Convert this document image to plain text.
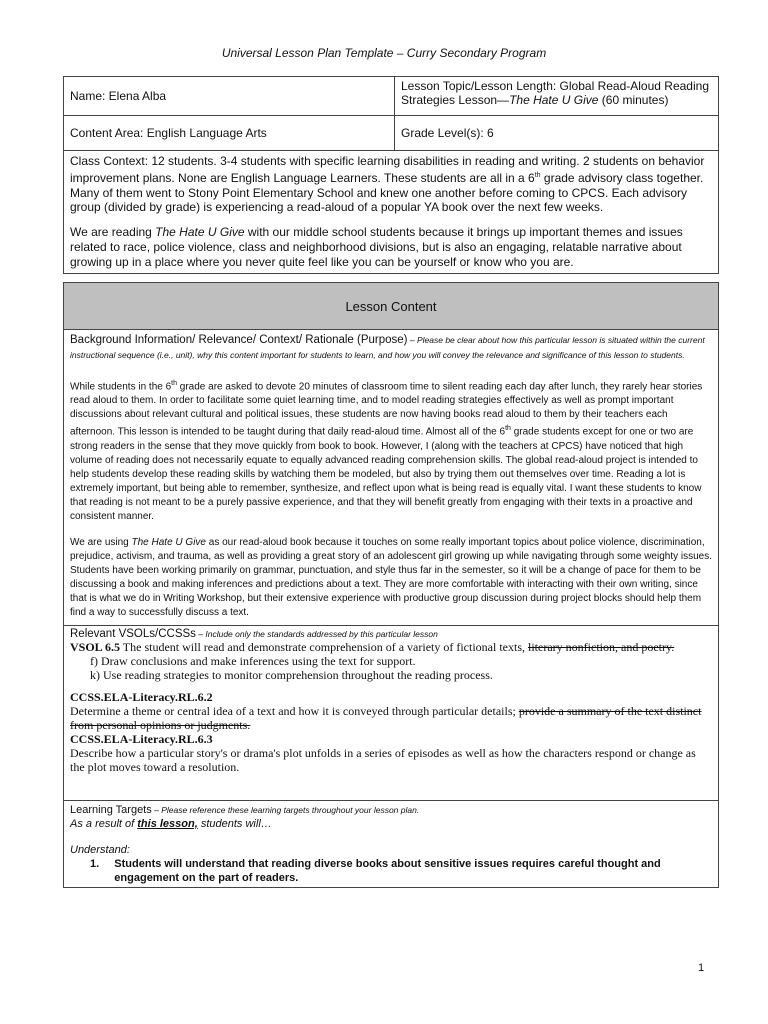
Universal Lesson Plan Template – Curry Secondary Program
Name: Elena Alba	Lesson Topic/Lesson Length: Global Read-Aloud Reading Strategies Lesson—The Hate U Give (60 minutes)
Content Area: English Language Arts	Grade Level(s): 6

Class Context: 12 students. 3-4 students with specific learning disabilities in reading and writing. 2 students on behavior improvement plans. None are English Language Learners. These students are all in a 6th grade advisory class together. Many of them went to Stony Point Elementary School and knew one another before coming to CPCS. Each advisory group (divided by grade) is experiencing a read-aloud of a popular YA book over the next few weeks.
We are reading The Hate U Give with our middle school students because it brings up important themes and issues related to race, police violence, class and neighborhood divisions, but is also an engaging, relatable narrative about growing up in a place where you never quite feel like you can be yourself or know who you are.	
Lesson Content

Background Information/ Relevance/ Context/ Rationale (Purpose) – Please be clear about how this particular lesson is situated within the current instructional sequence (i.e., unit), why this content important for students to learn, and how you will convey the relevance and significance of this lesson to students.

While students in the 6th grade are asked to devote 20 minutes of classroom time to silent reading each day after lunch, they rarely hear stories read aloud to them. In order to facilitate some quiet learning time, and to model reading strategies effectively as well as prompt important discussions about relevant cultural and political issues, these students are now having books read aloud to them by their teachers each afternoon. This lesson is intended to be taught during that daily read-aloud time. Almost all of the 6th grade students except for one or two are strong readers in the sense that they move quickly from book to book. However, I (along with the teachers at CPCS) have noticed that high volume of reading does not necessarily equate to equally advanced reading comprehension skills. The global read-aloud project is intended to help students develop these reading skills by watching them be modeled, but also by trying them out themselves over time. Reading a lot is extremely important, but being able to remember, synthesize, and reflect upon what is being read is equally vital. I want these students to know that reading is not meant to be a purely passive experience, and that they will benefit greatly from engaging with their texts in a proactive and consistent manner.

We are using The Hate U Give as our read-aloud book because it touches on some really important topics about police violence, discrimination, prejudice, activism, and trauma, as well as providing a great story of an adolescent girl growing up while navigating through some weighty issues. Students have been working primarily on grammar, punctuation, and style thus far in the semester, so it will be a change of pace for them to be discussing a book and making inferences and predictions about a text. They are more comfortable with interacting with their own writing, since that is what we do in Writing Workshop, but their extensive experience with productive group discussion during project blocks should help them find a way to successfully discuss a text.

Relevant VSOLs/CCSSs – Include only the standards addressed by this particular lesson
VSOL 6.5 The student will read and demonstrate comprehension of a variety of fictional texts, literary nonfiction, and poetry.
f) Draw conclusions and make inferences using the text for support.
k) Use reading strategies to monitor comprehension throughout the reading process.
CCSS.ELA-Literacy.RL.6.2
Determine a theme or central idea of a text and how it is conveyed through particular details; provide a summary of the text distinct from personal opinions or judgments.
CCSS.ELA-Literacy.RL.6.3
Describe how a particular story's or drama's plot unfolds in a series of episodes as well as how the characters respond or change as the plot moves toward a resolution.

Learning Targets – Please reference these learning targets throughout your lesson plan.
As a result of this lesson, students will…
Understand:
1.	Students will understand that reading diverse books about sensitive issues requires careful thought and engagement on the part of readers.
1
